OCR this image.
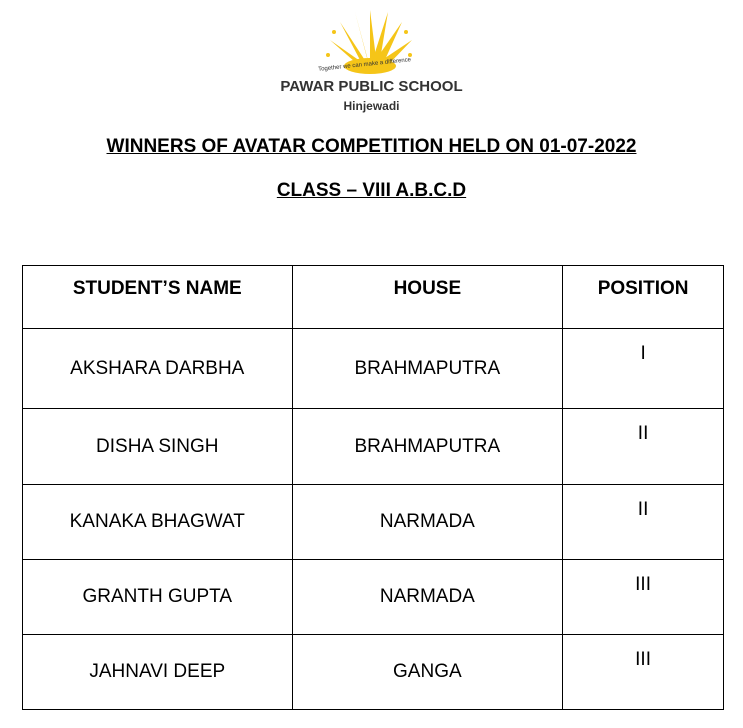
Together we can make a difference
PAWAR PUBLIC SCHOOL
Hinjewadi
WINNERS OF AVATAR COMPETITION HELD ON 01-07-2022
CLASS – VIII A.B.C.D
STUDENT’S NAME	HOUSE	POSITION
AKSHARA DARBHA	BRAHMAPUTRA	I
DISHA SINGH	BRAHMAPUTRA	II
KANAKA BHAGWAT	NARMADA	II
GRANTH GUPTA	NARMADA	III
JAHNAVI DEEP	GANGA	III
